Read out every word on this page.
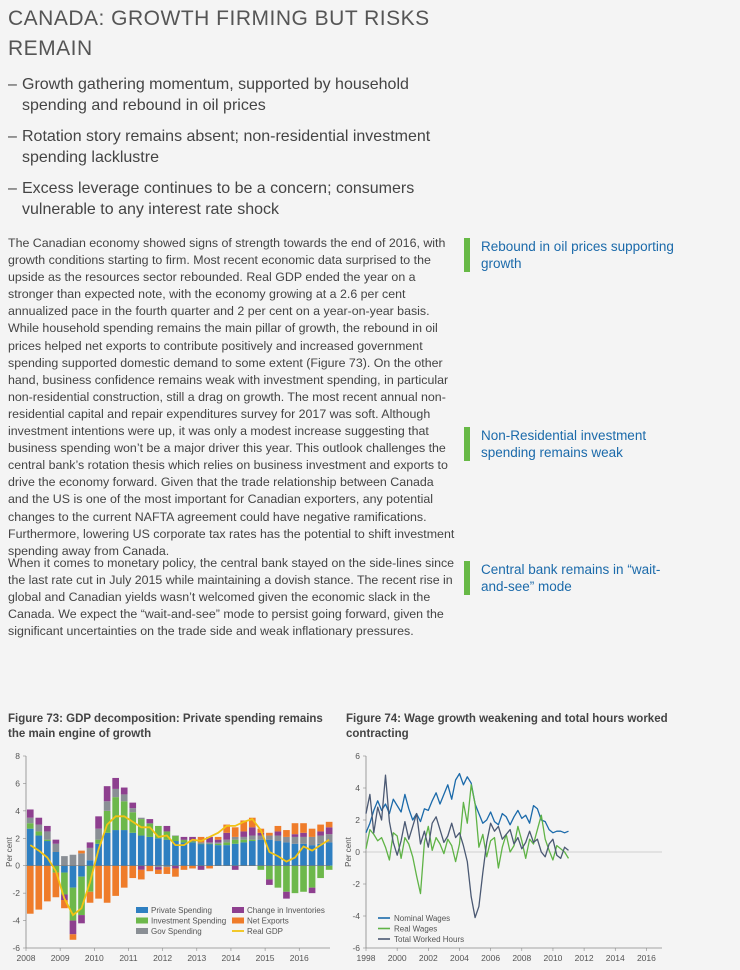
CANADA: GROWTH FIRMING BUT RISKS REMAIN
– Growth gathering momentum, supported by household spending and rebound in oil prices
– Rotation story remains absent; non-residential investment spending lacklustre
– Excess leverage continues to be a concern; consumers vulnerable to any interest rate shock

The Canadian economy showed signs of strength towards the end of 2016, with growth conditions starting to firm. Most recent economic data surprised to the upside as the resources sector rebounded. Real GDP ended the year on a stronger than expected note, with the economy growing at a 2.6 per cent annualized pace in the fourth quarter and 2 per cent on a year-on-year basis. While household spending remains the main pillar of growth, the rebound in oil prices helped net exports to contribute positively and increased government spending supported domestic demand to some extent (Figure 73). On the other hand, business confidence remains weak with investment spending, in particular non-residential construction, still a drag on growth. The most recent annual non-residential capital and repair expenditures survey for 2017 was soft. Although investment intentions were up, it was only a modest increase suggesting that business spending won’t be a major driver this year. This outlook challenges the central bank’s rotation thesis which relies on business investment and exports to drive the economy forward. Given that the trade relationship between Canada and the US is one of the most important for Canadian exporters, any potential changes to the current NAFTA agreement could have negative ramifications. Furthermore, lowering US corporate tax rates has the potential to shift investment spending away from Canada.

When it comes to monetary policy, the central bank stayed on the side-lines since the last rate cut in July 2015 while maintaining a dovish stance. The recent rise in global and Canadian yields wasn’t welcomed given the economic slack in the Canada. We expect the “wait-and-see” mode to persist going forward, given the significant uncertainties on the trade side and weak inflationary pressures.

Rebound in oil prices supporting growth
Non-Residential investment spending remains weak
Central bank remains in “wait-and-see” mode

Figure 73: GDP decomposition: Private spending remains the main engine of growth

Figure 74: Wage growth weakening and total hours worked contracting

8
6
4
2
0
-2
-4
-6
2008 2009 2010 2011 2012 2013 2014 2015 2016
Per cent
Private Spending	Change in Inventories
Investment Spending	Net Exports
Gov Spending	Real GDP
6
4
2
0
-2
-4
-6
1998 2000 2002 2004 2006 2008 2010 2012 2014 2016
Per cent
Nominal Wages
Real Wages
Total Worked Hours
